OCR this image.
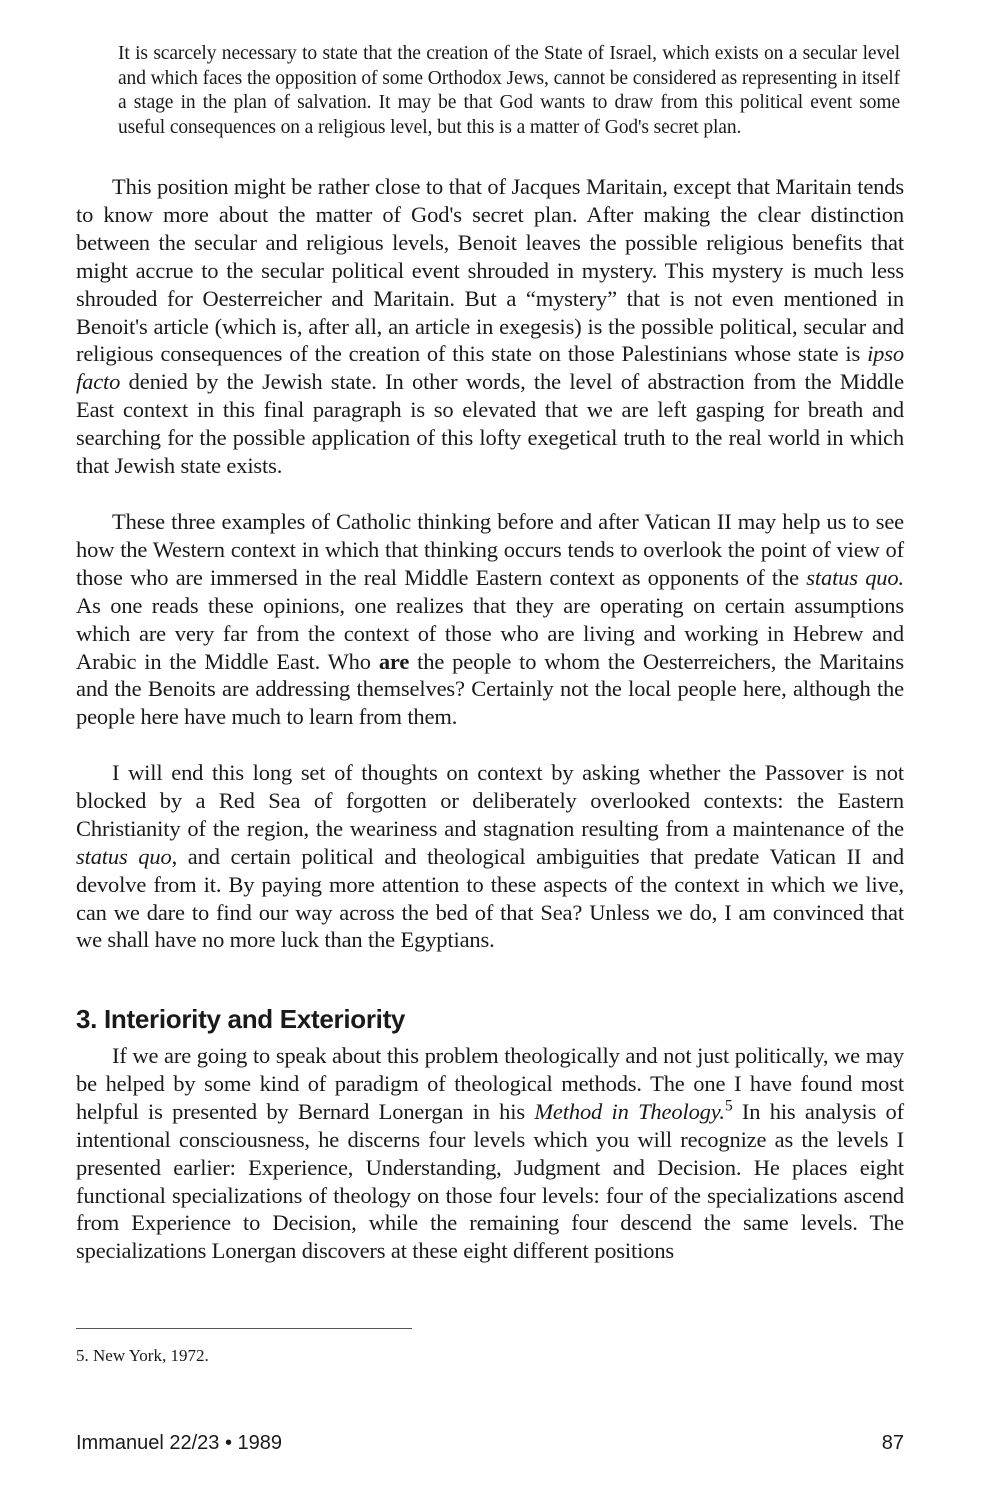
It is scarcely necessary to state that the creation of the State of Israel, which exists on a secular level and which faces the opposition of some Orthodox Jews, cannot be considered as representing in itself a stage in the plan of salvation. It may be that God wants to draw from this political event some useful consequences on a religious level, but this is a matter of God's secret plan.

This position might be rather close to that of Jacques Maritain, except that Maritain tends to know more about the matter of God's secret plan. After making the clear distinction between the secular and religious levels, Benoit leaves the possible religious benefits that might accrue to the secular political event shrouded in mystery. This mystery is much less shrouded for Oesterreicher and Maritain. But a “mystery” that is not even mentioned in Benoit's article (which is, after all, an article in exegesis) is the possible political, secular and religious consequences of the creation of this state on those Palestinians whose state is ipso facto denied by the Jewish state. In other words, the level of abstraction from the Middle East context in this final paragraph is so elevated that we are left gasping for breath and searching for the possible application of this lofty exegetical truth to the real world in which that Jewish state exists.

These three examples of Catholic thinking before and after Vatican II may help us to see how the Western context in which that thinking occurs tends to overlook the point of view of those who are immersed in the real Middle Eastern context as opponents of the status quo. As one reads these opinions, one realizes that they are operating on certain assumptions which are very far from the context of those who are living and working in Hebrew and Arabic in the Middle East. Who are the people to whom the Oesterreichers, the Maritains and the Benoits are addressing themselves? Certainly not the local people here, although the people here have much to learn from them.

I will end this long set of thoughts on context by asking whether the Passover is not blocked by a Red Sea of forgotten or deliberately overlooked contexts: the Eastern Christianity of the region, the weariness and stagnation resulting from a maintenance of the status quo, and certain political and theological ambiguities that predate Vatican II and devolve from it. By paying more attention to these aspects of the context in which we live, can we dare to find our way across the bed of that Sea? Unless we do, I am convinced that we shall have no more luck than the Egyptians.

3. Interiority and Exteriority

If we are going to speak about this problem theologically and not just politically, we may be helped by some kind of paradigm of theological methods. The one I have found most helpful is presented by Bernard Lonergan in his Method in Theology.$^5$ In his analysis of intentional consciousness, he discerns four levels which you will recognize as the levels I presented earlier: Experience, Understanding, Judgment and Decision. He places eight functional specializations of theology on those four levels: four of the specializations ascend from Experience to Decision, while the remaining four descend the same levels. The specializations Lonergan discovers at these eight different positions

5. New York, 1972.
Immanuel 22/23 • 1989	87
